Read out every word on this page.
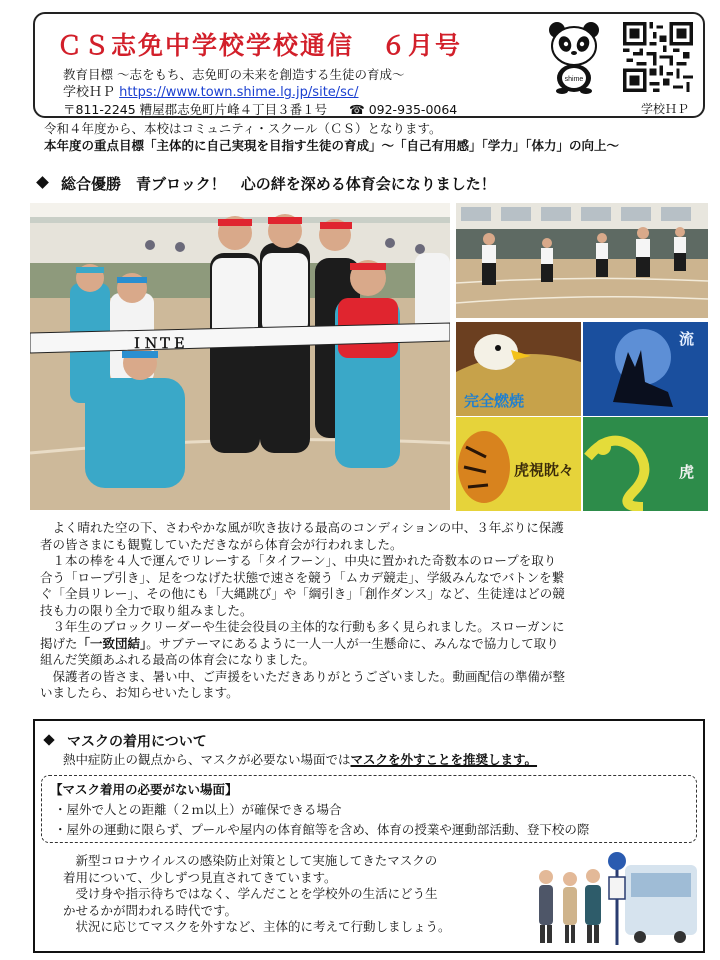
ＣＳ志免中学校学校通信　６月号
教育目標 ～志をもち、志免町の未来を創造する生徒の育成～
学校ＨＰ https://www.town.shime.lg.jp/site/sc/
〒811-2245 糟屋郡志免町片峰４丁目３番１号 ☎ 092-935-0064	学校ＨＰ
shime
令和４年度から、本校はコミュニティ・スクール（ＣＳ）となります。
本年度の重点目標「主体的に自己実現を目指す生徒の育成」～「自己有用感」「学力」「体力」の向上～
総合優勝　青ブロック！　心の絆を深める体育会になりました！
ＩＮＴＥ
完全燃焼
流
虎視眈々	虎

　よく晴れた空の下、さわやかな風が吹き抜ける最高のコンディションの中、３年ぶりに保護

者の皆さまにも観覧していただきながら体育会が行われました。

　１本の棒を４人で運んでリレーする「タイフーン」、中央に置かれた奇数本のロープを取り

合う「ロープ引き」、足をつなげた状態で速さを競う「ムカデ競走」、学級みんなでバトンを繋

ぐ「全員リレー」、その他にも「大縄跳び」や「綱引き」「創作ダンス」など、生徒達はどの競

技も力の限り全力で取り組みました。

　３年生のブロックリーダーや生徒会役員の主体的な行動も多く見られました。スローガンに

掲げた「一致団結」。サブテーマにあるように一人一人が一生懸命に、みんなで協力して取り

組んだ笑顔あふれる最高の体育会になりました。

　保護者の皆さま、暑い中、ご声援をいただきありがとうございました。動画配信の準備が整

いましたら、お知らせいたします。

マスクの着用について
熱中症防止の観点から、マスクが必要ない場面ではマスクを外すことを推奨します。
【マスク着用の必要がない場面】
・屋外で人との距離（２ｍ以上）が確保できる場合
・屋外の運動に限らず、プールや屋内の体育館等を含め、体育の授業や運動部活動、登下校の際

　新型コロナウイルスの感染防止対策として実施してきたマスクの

着用について、少しずつ見直されてきています。

　受け身や指示待ちではなく、学んだことを学校外の生活にどう生

かせるかが問われる時代です。

　状況に応じてマスクを外すなど、主体的に考えて行動しましょう。
